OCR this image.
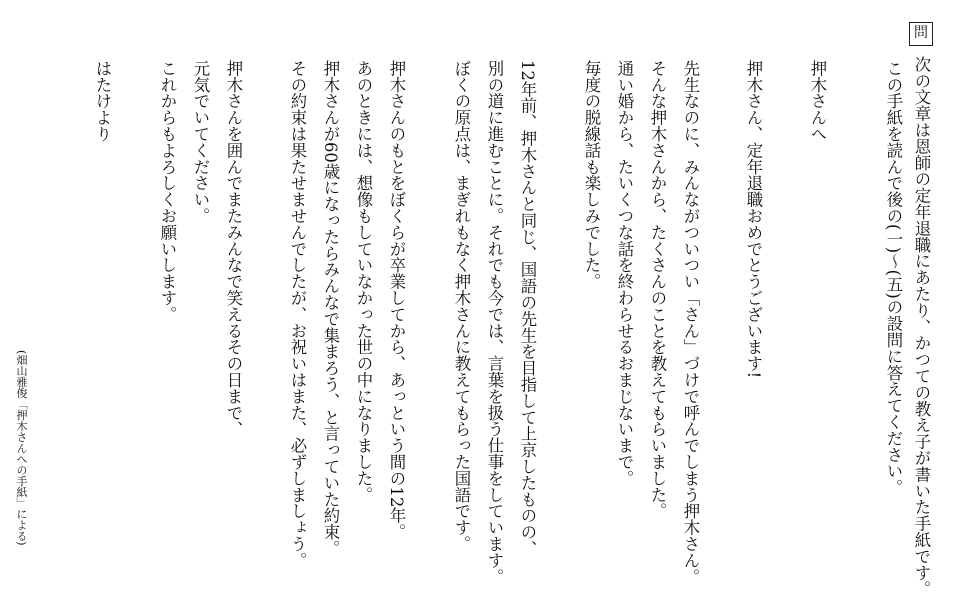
問
次の文章は恩師の定年退職にあたり、かつての教え子が書いた手紙です。
この手紙を読んで後の(一)〜(五)の設問に答えてください。
押木さんへ
押木さん、定年退職おめでとうございます!
先生なのに、みんながついつい「さん」づけで呼んでしまう押木さん。
そんな押木さんから、たくさんのことを教えてもらいました。
通い婚から、たいくつな話を終わらせるおまじないまで。
毎度の脱線話も楽しみでした。
12年前、押木さんと同じ、国語の先生を目指して上京したものの、
別の道に進むことに。それでも今では、言葉を扱う仕事をしています。
ぼくの原点は、まぎれもなく押木さんに教えてもらった国語です。
押木さんのもとをぼくらが卒業してから、あっという間の12年。
あのときには、想像もしていなかった世の中になりました。
押木さんが60歳になったらみんなで集まろう、と言っていた約束。
その約束は果たせませんでしたが、お祝いはまた、必ずしましょう。
押木さんを囲んでまたみんなで笑えるその日まで、
元気でいてください。
これからもよろしくお願いします。
はたけより
(畑山雅俊「押木さんへの手紙」による)
